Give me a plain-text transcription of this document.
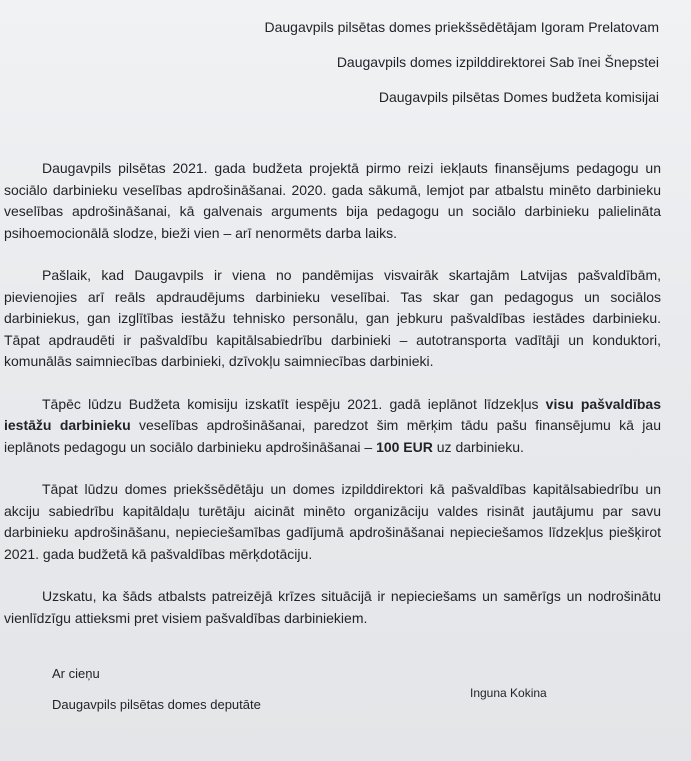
Daugavpils pilsētas domes priekšsēdētājam Igoram Prelatovam
Daugavpils domes izpilddirektorei Sab īnei Šnepstei
Daugavpils pilsētas Domes budžeta komisijai

Daugavpils pilsētas 2021. gada budžeta projektā pirmo reizi iekļauts finansējums pedagogu un sociālo darbinieku veselības apdrošināšanai. 2020. gada sākumā, lemjot par atbalstu minēto darbinieku veselības apdrošināšanai, kā galvenais arguments bija pedagogu un sociālo darbinieku palielināta psihoemocionālā slodze, bieži vien – arī nenormēts darba laiks.

Pašlaik, kad Daugavpils ir viena no pandēmijas visvairāk skartajām Latvijas pašvaldībām, pievienojies arī reāls apdraudējums darbinieku veselībai. Tas skar gan pedagogus un sociālos darbiniekus, gan izglītības iestāžu tehnisko personālu, gan jebkuru pašvaldības iestādes darbinieku. Tāpat apdraudēti ir pašvaldību kapitālsabiedrību darbinieki – autotransporta vadītāji un konduktori, komunālās saimniecības darbinieki, dzīvokļu saimniecības darbinieki.

Tāpēc lūdzu Budžeta komisiju izskatīt iespēju 2021. gadā ieplānot līdzekļus visu pašvaldības iestāžu darbinieku veselības apdrošināšanai, paredzot šim mērķim tādu pašu finansējumu kā jau ieplānots pedagogu un sociālo darbinieku apdrošināšanai – 100 EUR uz darbinieku.

Tāpat lūdzu domes priekšsēdētāju un domes izpilddirektori kā pašvaldības kapitālsabiedrību un akciju sabiedrību kapitāldaļu turētāju aicināt minēto organizāciju valdes risināt jautājumu par savu darbinieku apdrošināšanu, nepieciešamības gadījumā apdrošināšanai nepieciešamos līdzekļus piešķirot 2021. gada budžetā kā pašvaldības mērķdotāciju.

Uzskatu, ka šāds atbalsts patreizējā krīzes situācijā ir nepieciešams un samērīgs un nodrošinātu vienlīdzīgu attieksmi pret visiem pašvaldības darbiniekiem.

Ar cieņu
Daugavpils pilsētas domes deputāte
Inguna Kokina
